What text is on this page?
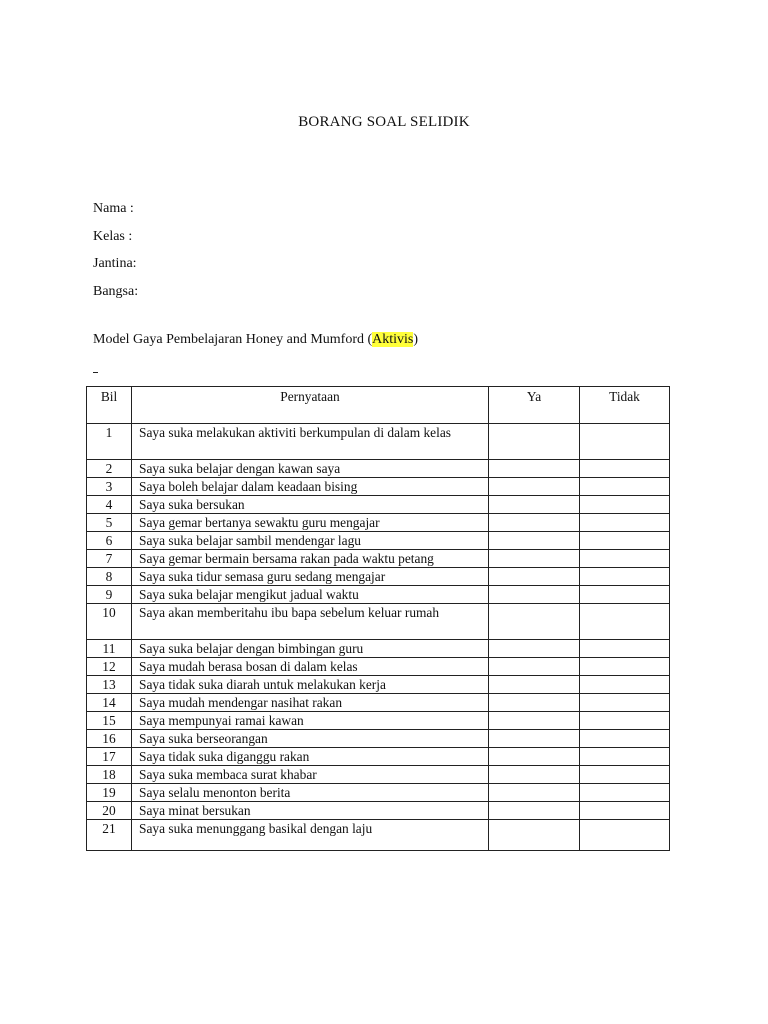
BORANG SOAL SELIDIK
Nama :
Kelas :
Jantina:
Bangsa:
Model Gaya Pembelajaran Honey and Mumford (Aktivis)
Bil	Pernyataan	Ya	Tidak
1	Saya suka melakukan aktiviti berkumpulan di dalam kelas		
2	Saya suka belajar dengan kawan saya		
3	Saya boleh belajar dalam keadaan bising		
4	Saya suka bersukan		
5	Saya gemar bertanya sewaktu guru mengajar		
6	Saya suka belajar sambil mendengar lagu		
7	Saya gemar bermain bersama rakan pada waktu petang		
8	Saya suka tidur semasa guru sedang mengajar		
9	Saya suka belajar mengikut jadual waktu		
10	Saya akan memberitahu ibu bapa sebelum keluar rumah		
11	Saya suka belajar dengan bimbingan guru		
12	Saya mudah berasa bosan di dalam kelas		
13	Saya tidak suka diarah untuk melakukan kerja		
14	Saya mudah mendengar nasihat rakan		
15	Saya mempunyai ramai kawan		
16	Saya suka berseorangan		
17	Saya tidak suka diganggu rakan		
18	Saya suka membaca surat khabar		
19	Saya selalu menonton berita		
20	Saya minat bersukan		
21	Saya suka menunggang basikal dengan laju		
